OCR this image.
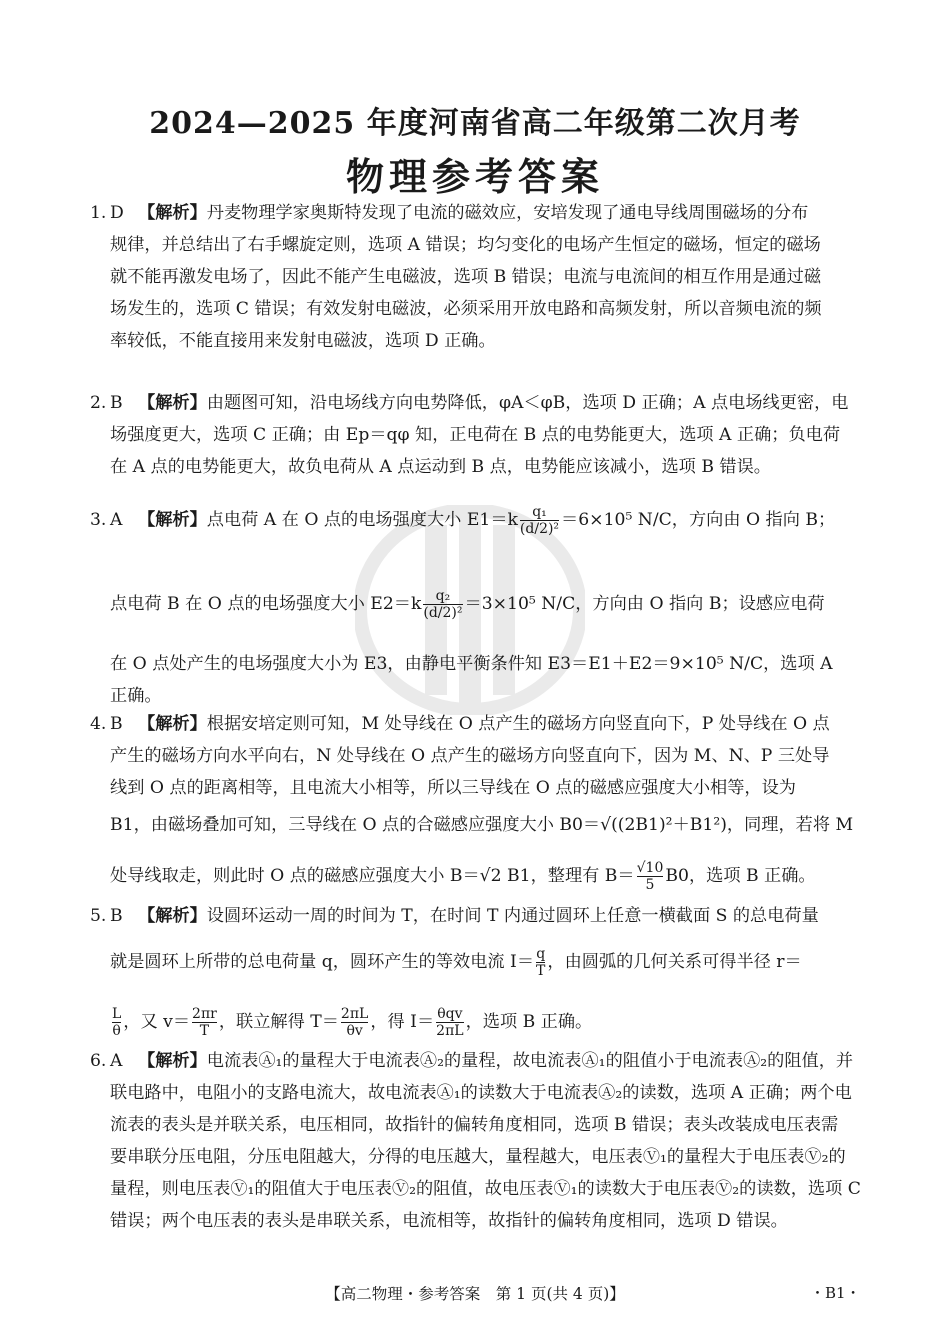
2024—2025 年度河南省高二年级第二次月考
物理参考答案
1. D 【解析】丹麦物理学家奥斯特发现了电流的磁效应，安培发现了通电导线周围磁场的分布
规律，并总结出了右手螺旋定则，选项 A 错误；均匀变化的电场产生恒定的磁场，恒定的磁场
就不能再激发电场了，因此不能产生电磁波，选项 B 错误；电流与电流间的相互作用是通过磁
场发生的，选项 C 错误；有效发射电磁波，必须采用开放电路和高频发射，所以音频电流的频
率较低，不能直接用来发射电磁波，选项 D 正确。
2. B 【解析】由题图可知，沿电场线方向电势降低，φA＜φB，选项 D 正确；A 点电场线更密，电
场强度更大，选项 C 正确；由 Ep＝qφ 知，正电荷在 B 点的电势能更大，选项 A 正确；负电荷
在 A 点的电势能更大，故负电荷从 A 点运动到 B 点，电势能应该减小，选项 B 错误。
3. A 【解析】点电荷 A 在 O 点的电场强度大小 $E1=k \frac{\text{q₁}}{\text{(d/2)²}} =6\times 10^5$ N/C，方向由 O 指向 B；
点电荷 B 在 O 点的电场强度大小 $E2=k \frac{\text{q₂}}{\text{(d/2)²}} =3\times 10^5$ N/C，方向由 O 指向 B；设感应电荷
在 O 点处产生的电场强度大小为 E3，由静电平衡条件知 E3＝E1＋E2＝9×10⁵ N/C，选项 A
正确。
4. B 【解析】根据安培定则可知，M 处导线在 O 点产生的磁场方向竖直向下，P 处导线在 O 点
产生的磁场方向水平向右，N 处导线在 O 点产生的磁场方向竖直向下，因为 M、N、P 三处导
线到 O 点的距离相等，且电流大小相等，所以三导线在 O 点的磁感应强度大小相等，设为
B1，由磁场叠加可知，三导线在 O 点的合磁感应强度大小 B0＝√((2B1)²＋B1²)，同理，若将 M
处导线取走，则此时 O 点的磁感应强度大小 B＝√2 B1，整理有 $B= \frac{√10}{5} B0$，选项 B 正确。
5. B 【解析】设圆环运动一周的时间为 T，在时间 T 内通过圆环上任意一横截面 S 的总电荷量
就是圆环上所带的总电荷量 q，圆环产生的等效电流 $I= \frac{q}{T}$ ，由圆弧的几何关系可得半径 r＝
$\frac{L}{\theta}$ ，又 $v= \frac{2\pi r}{T}$ ，联立解得 $T= \frac{2\pi L}{\theta v}$ ，得 $I= \frac{\text{θqv}}{2\pi L}$ ，选项 B 正确。
6. A 【解析】电流表Ⓐ₁的量程大于电流表Ⓐ₂的量程，故电流表Ⓐ₁的阻值小于电流表Ⓐ₂的阻值，并
联电路中，电阻小的支路电流大，故电流表Ⓐ₁的读数大于电流表Ⓐ₂的读数，选项 A 正确；两个电
流表的表头是并联关系，电压相同，故指针的偏转角度相同，选项 B 错误；表头改装成电压表需
要串联分压电阻，分压电阻越大，分得的电压越大，量程越大，电压表Ⓥ₁的量程大于电压表Ⓥ₂的
量程，则电压表Ⓥ₁的阻值大于电压表Ⓥ₂的阻值，故电压表Ⓥ₁的读数大于电压表Ⓥ₂的读数，选项 C
错误；两个电压表的表头是串联关系，电流相等，故指针的偏转角度相同，选项 D 错误。
【高二物理・参考答案　第 1 页(共 4 页)】	・B1・
